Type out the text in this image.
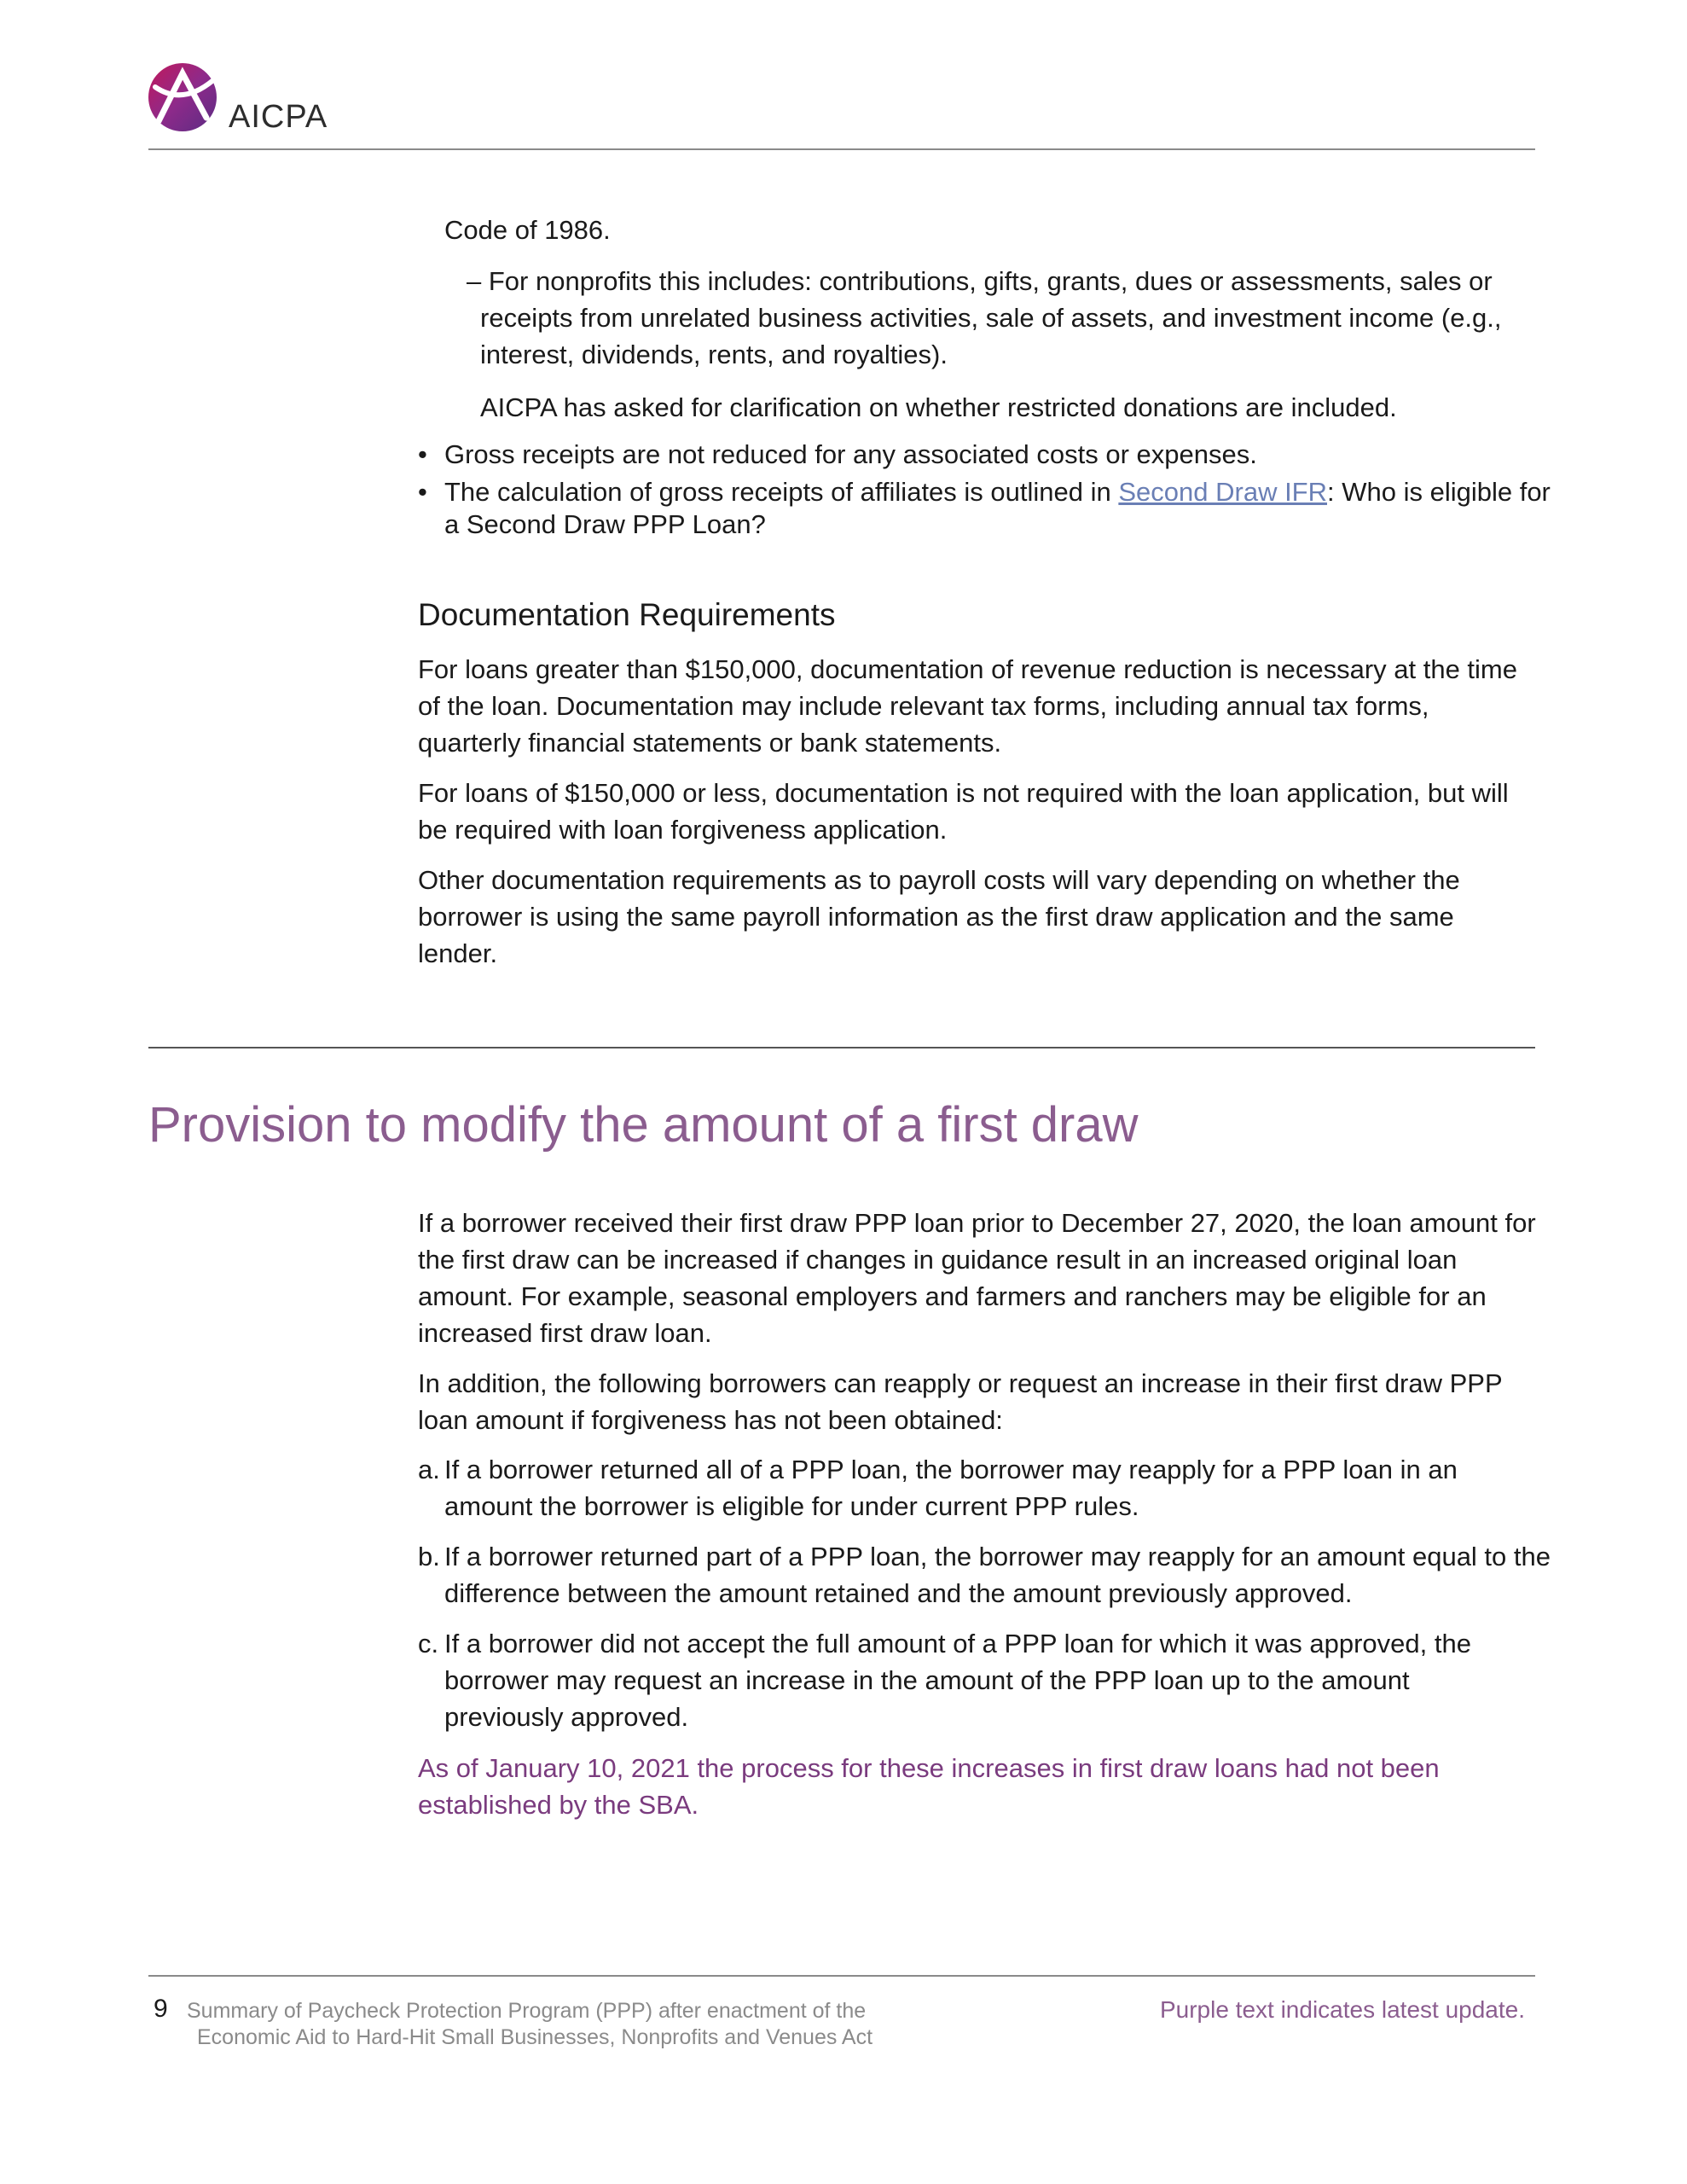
AICPA

Code of 1986.

– For nonprofits this includes: contributions, gifts, grants, dues or assessments, sales or receipts from unrelated business activities, sale of assets, and investment income (e.g., interest, dividends, rents, and royalties).

AICPA has asked for clarification on whether restricted donations are included.

• Gross receipts are not reduced for any associated costs or expenses.
• The calculation of gross receipts of affiliates is outlined in Second Draw IFR: Who is eligible for a Second Draw PPP Loan?
Documentation Requirements

For loans greater than $150,000, documentation of revenue reduction is necessary at the time of the loan. Documentation may include relevant tax forms, including annual tax forms, quarterly financial statements or bank statements.

For loans of $150,000 or less, documentation is not required with the loan application, but will be required with loan forgiveness application.

Other documentation requirements as to payroll costs will vary depending on whether the borrower is using the same payroll information as the first draw application and the same lender.

Provision to modify the amount of a first draw

If a borrower received their first draw PPP loan prior to December 27, 2020, the loan amount for the first draw can be increased if changes in guidance result in an increased original loan amount. For example, seasonal employers and farmers and ranchers may be eligible for an increased first draw loan.

In addition, the following borrowers can reapply or request an increase in their first draw PPP loan amount if forgiveness has not been obtained:

a. If a borrower returned all of a PPP loan, the borrower may reapply for a PPP loan in an amount the borrower is eligible for under current PPP rules.
b. If a borrower returned part of a PPP loan, the borrower may reapply for an amount equal to the difference between the amount retained and the amount previously approved.
c. If a borrower did not accept the full amount of a PPP loan for which it was approved, the borrower may request an increase in the amount of the PPP loan up to the amount previously approved.

As of January 10, 2021 the process for these increases in first draw loans had not been established by the SBA.

9 Summary of Paycheck Protection Program (PPP) after enactment of the
Economic Aid to Hard-Hit Small Businesses, Nonprofits and Venues Act
Purple text indicates latest update.
